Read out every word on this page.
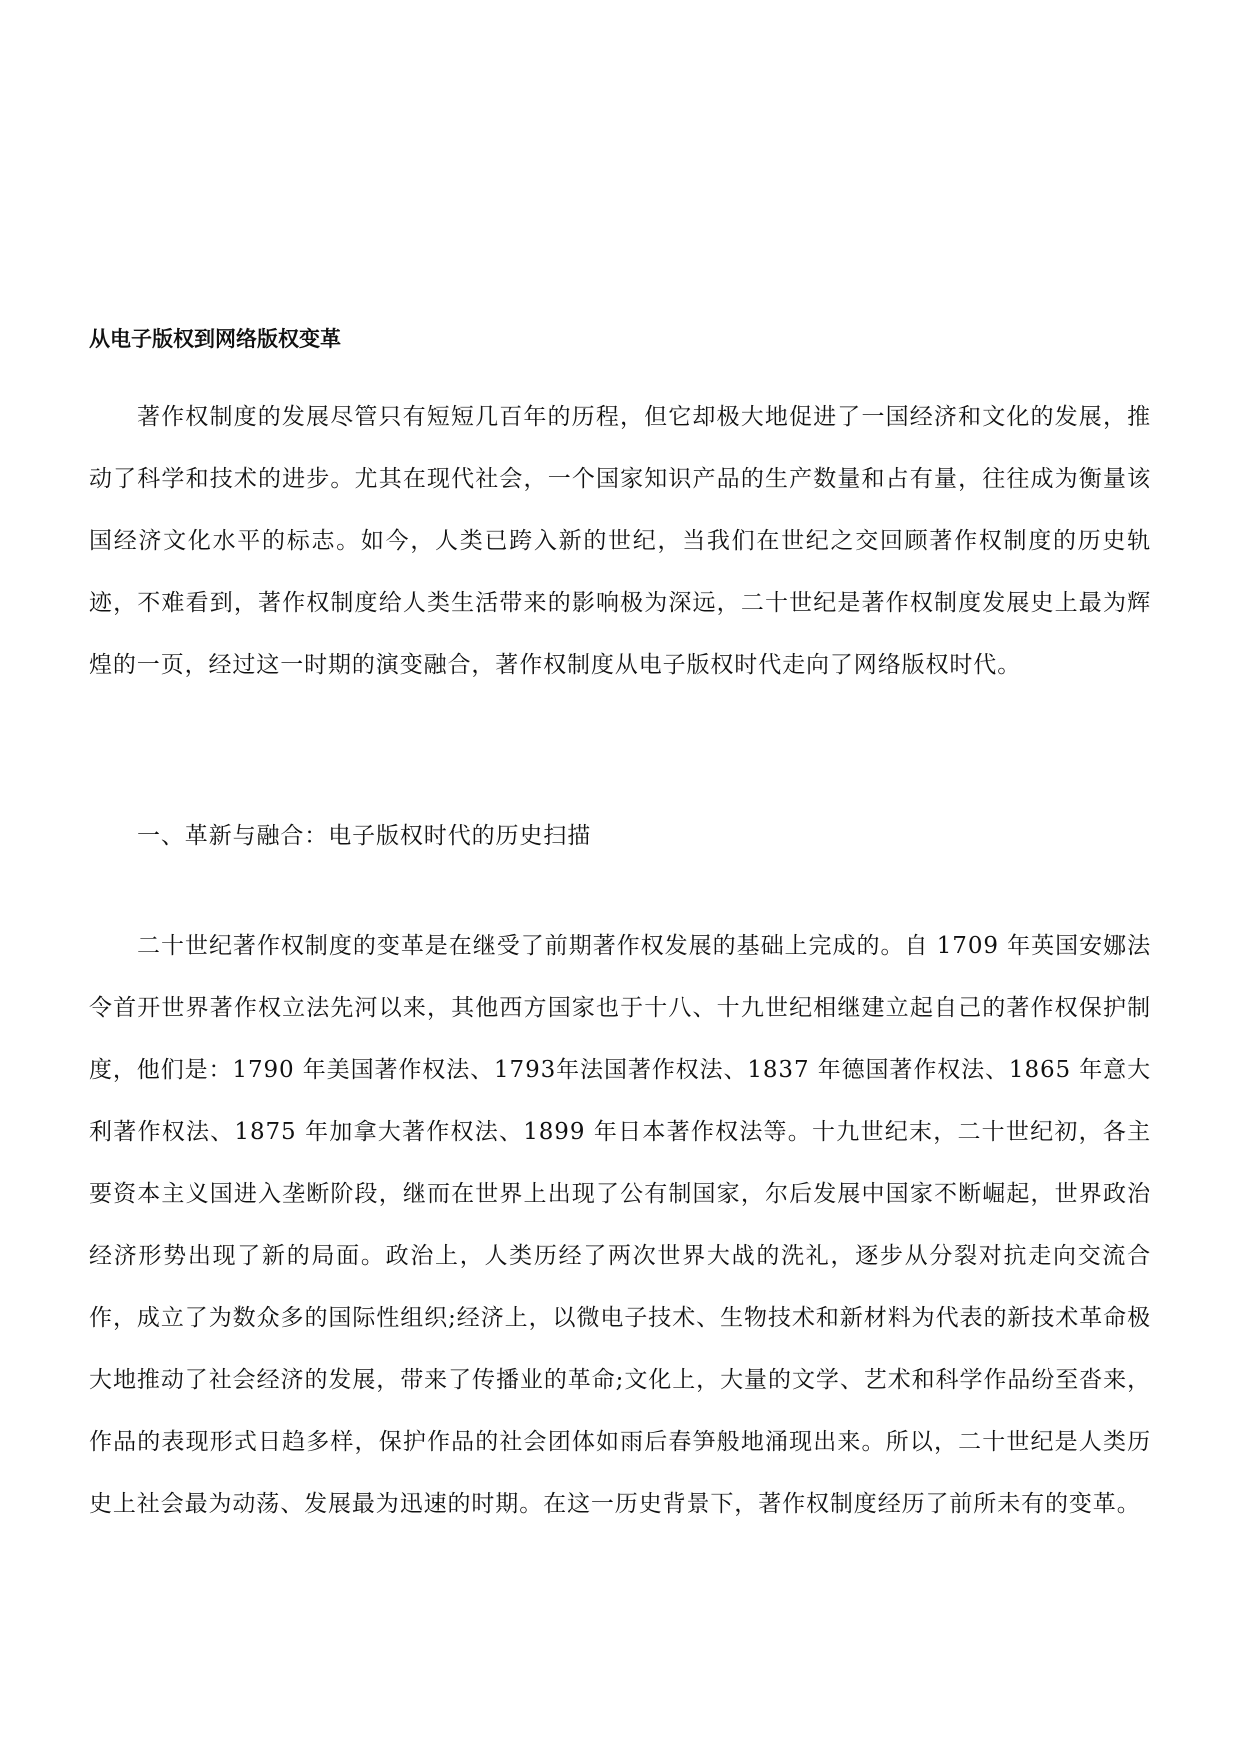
从电子版权到网络版权变革

著作权制度的发展尽管只有短短几百年的历程，但它却极大地促进了一国经济和文化的发展，推动了科学和技术的进步。尤其在现代社会，一个国家知识产品的生产数量和占有量，往往成为衡量该国经济文化水平的标志。如今，人类已跨入新的世纪，当我们在世纪之交回顾著作权制度的历史轨迹，不难看到，著作权制度给人类生活带来的影响极为深远，二十世纪是著作权制度发展史上最为辉煌的一页，经过这一时期的演变融合，著作权制度从电子版权时代走向了网络版权时代。

一、革新与融合：电子版权时代的历史扫描

二十世纪著作权制度的变革是在继受了前期著作权发展的基础上完成的。自 1709 年英国安娜法令首开世界著作权立法先河以来，其他西方国家也于十八、十九世纪相继建立起自己的著作权保护制度，他们是：1790 年美国著作权法、1793年法国著作权法、1837 年德国著作权法、1865 年意大利著作权法、1875 年加拿大著作权法、1899 年日本著作权法等。十九世纪末，二十世纪初，各主要资本主义国进入垄断阶段，继而在世界上出现了公有制国家，尔后发展中国家不断崛起，世界政治经济形势出现了新的局面。政治上，人类历经了两次世界大战的洗礼，逐步从分裂对抗走向交流合作，成立了为数众多的国际性组织;经济上，以微电子技术、生物技术和新材料为代表的新技术革命极大地推动了社会经济的发展，带来了传播业的革命;文化上，大量的文学、艺术和科学作品纷至沓来，作品的表现形式日趋多样，保护作品的社会团体如雨后春笋般地涌现出来。所以，二十世纪是人类历史上社会最为动荡、发展最为迅速的时期。在这一历史背景下，著作权制度经历了前所未有的变革。
